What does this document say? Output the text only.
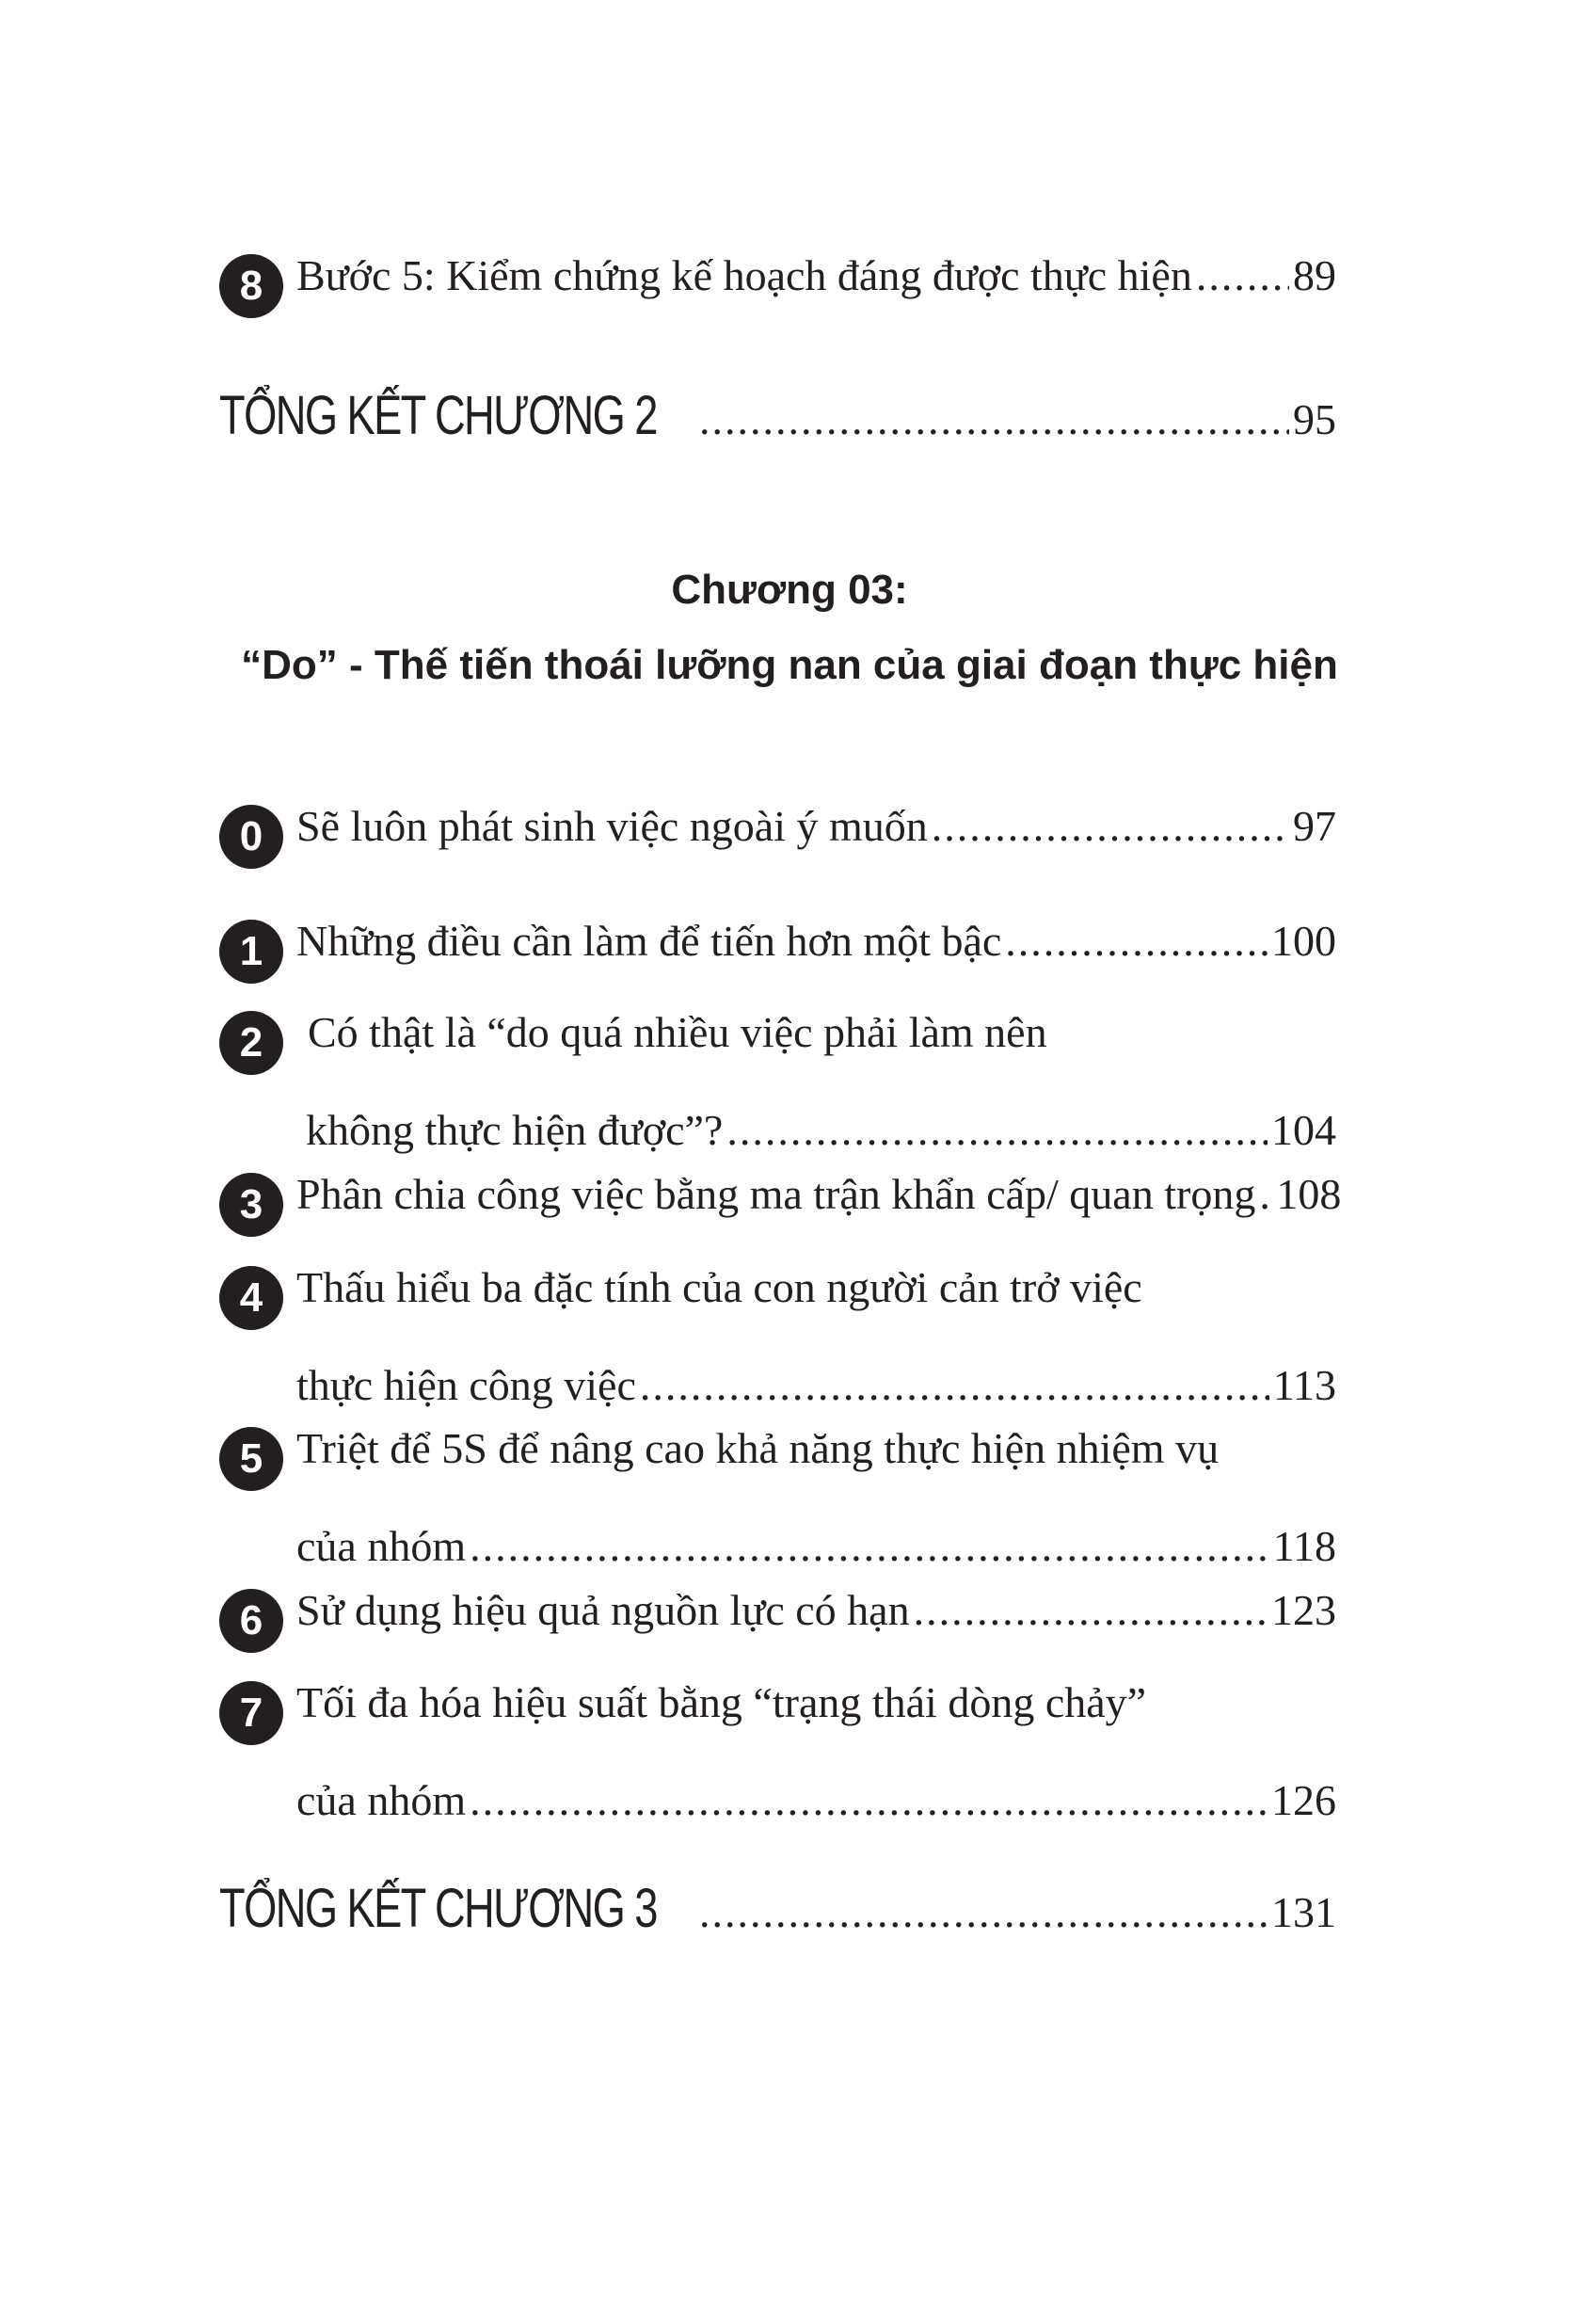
8 Bước 5: Kiểm chứng kế hoạch đáng được thực hiện ..... 89
TỔNG KẾT CHƯƠNG 2 .....	95
Chương 03:
“Do” - Thế tiến thoái lưỡng nan của giai đoạn thực hiện
0 Sẽ luôn phát sinh việc ngoài ý muốn .....	97
1 Những điều cần làm để tiến hơn một bậc .....	100
2	Có thật là “do quá nhiều việc phải làm nên
không thực hiện được”? .....	104
3 Phân chia công việc bằng ma trận khẩn cấp/ quan trọng ..... 108
4 Thấu hiểu ba đặc tính của con người cản trở việc
thực hiện công việc .....	113
5 Triệt để 5S để nâng cao khả năng thực hiện nhiệm vụ
của nhóm .....	118
6 Sử dụng hiệu quả nguồn lực có hạn .....	123
7 Tối đa hóa hiệu suất bằng “trạng thái dòng chảy”
của nhóm .....	126
TỔNG KẾT CHƯƠNG 3 .....	131
